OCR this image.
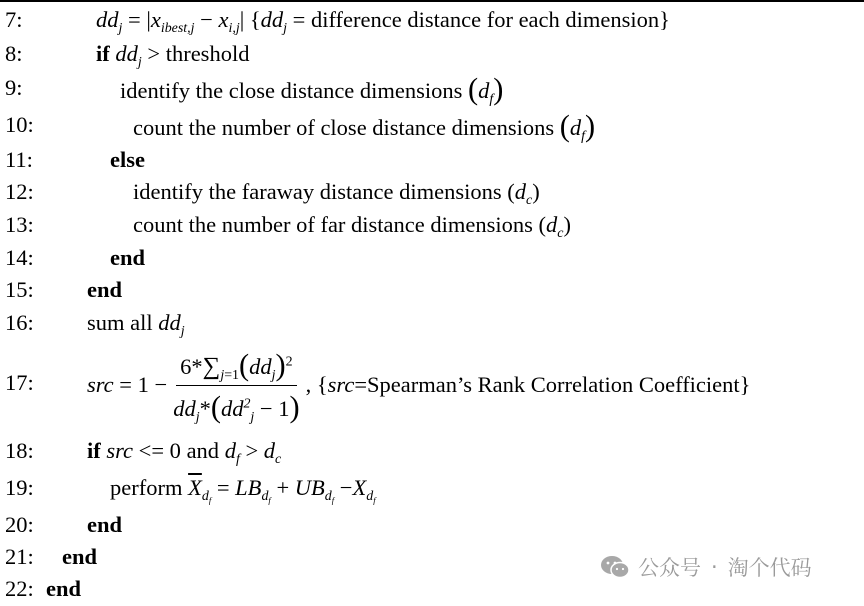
7:	$dd_j = |x_{ibest,j} - x_{i,j}|$ {$dd_j$ = difference distance for each dimension}
8:	if $dd_j$ > threshold
9:	identify the close distance dimensions $(d_f)$
10:	count the number of close distance dimensions $(d_f)$
11:	else
12:	identify the faraway distance dimensions $(d_c)$
13:	count the number of far distance dimensions $(d_c)$
14:	end
15: end
16: sum all $dd_j$
17: src = $1 - \frac{6*\sum_{j=1}(dd_j)^2}{dd_j*(dd^2_j - 1)}$ , { src = Spearman’s Rank Correlation Coefficient}
18: if src <= 0 and $d_f > d_c$
19:	perform $\overline{X}_{d_f} = LB_{d_f} + UB_{d_f} -X_{d_f}$
20: end
21: end
22: end
公众号 · 淘个代码
